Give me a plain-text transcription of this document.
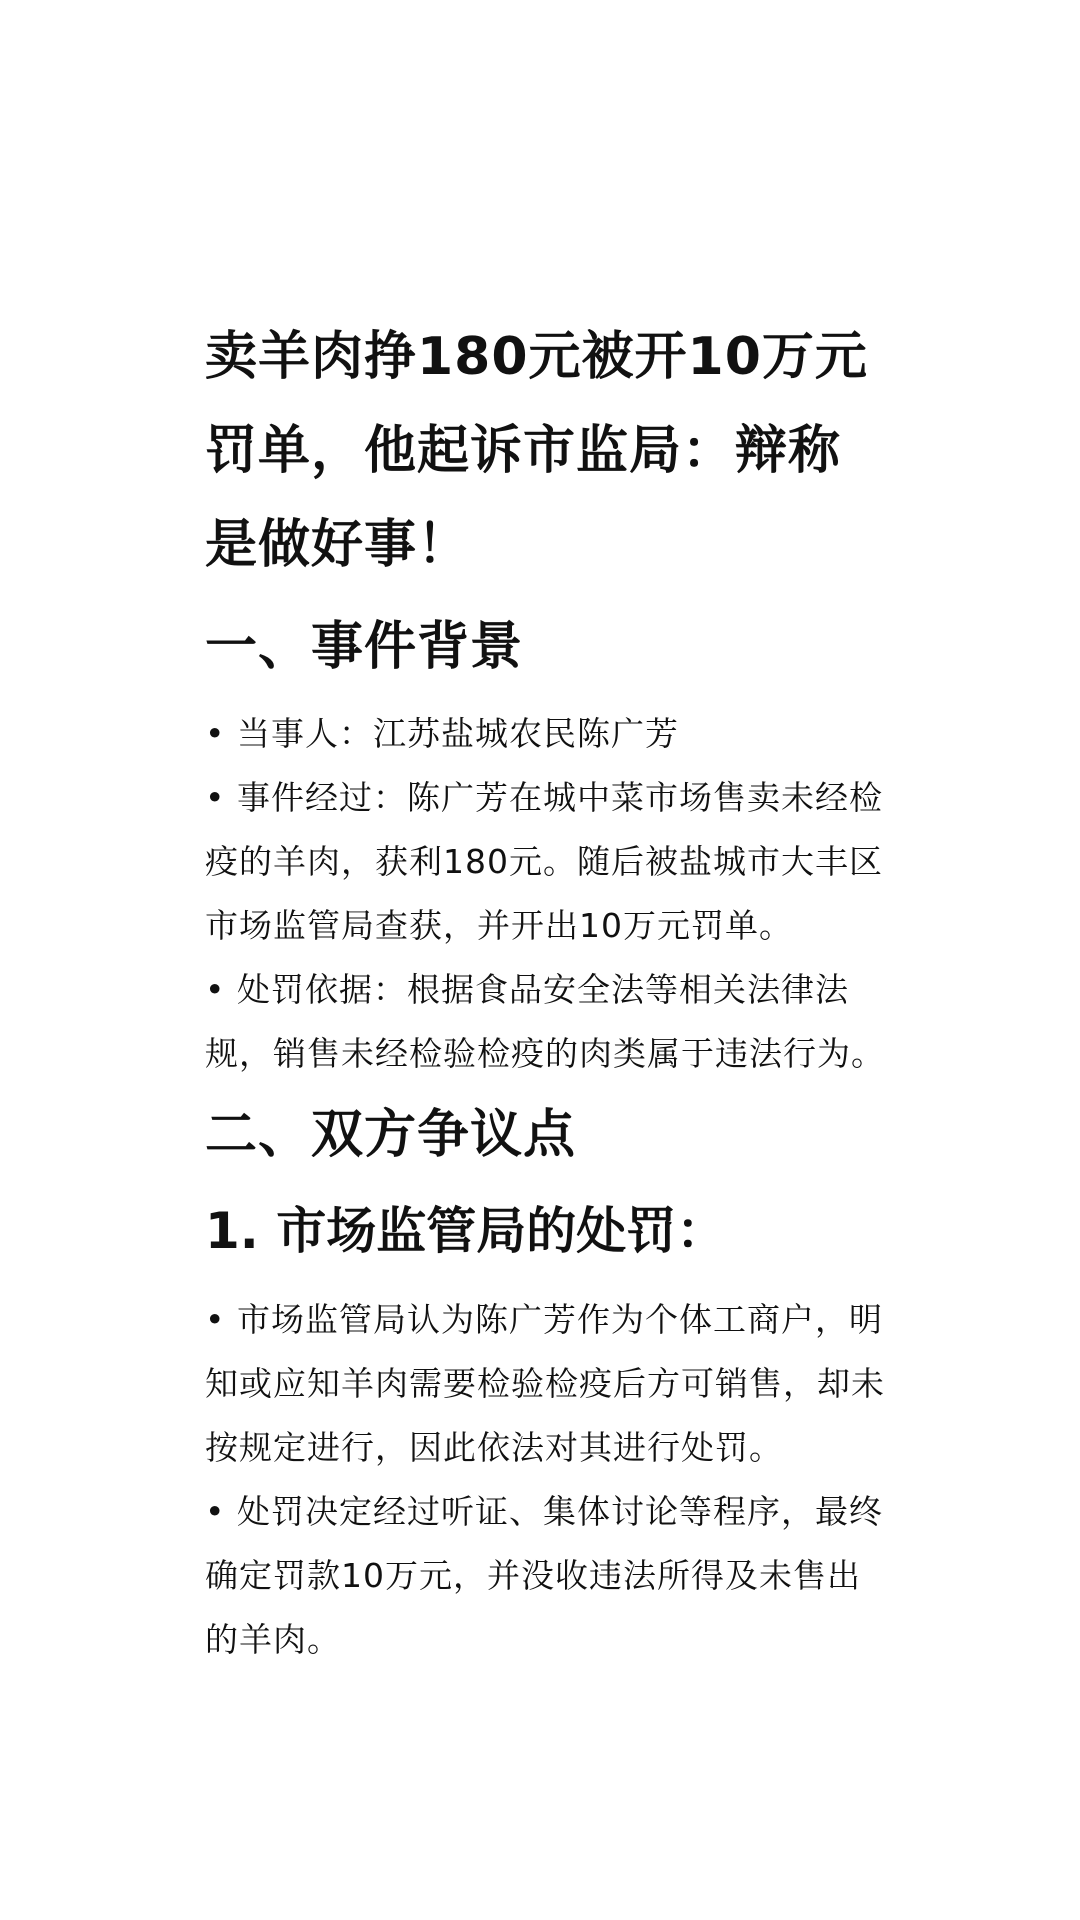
卖羊肉挣180元被开10万元罚单，他起诉市监局：辩称是做好事！
一、事件背景

• 当事人：江苏盐城农民陈广芳

• 事件经过：陈广芳在城中菜市场售卖未经检疫的羊肉，获利180元。随后被盐城市大丰区市场监管局查获，并开出10万元罚单。

• 处罚依据：根据食品安全法等相关法律法规，销售未经检验检疫的肉类属于违法行为。

二、双方争议点
1. 市场监管局的处罚：

• 市场监管局认为陈广芳作为个体工商户，明知或应知羊肉需要检验检疫后方可销售，却未按规定进行，因此依法对其进行处罚。

• 处罚决定经过听证、集体讨论等程序，最终确定罚款10万元，并没收违法所得及未售出的羊肉。
